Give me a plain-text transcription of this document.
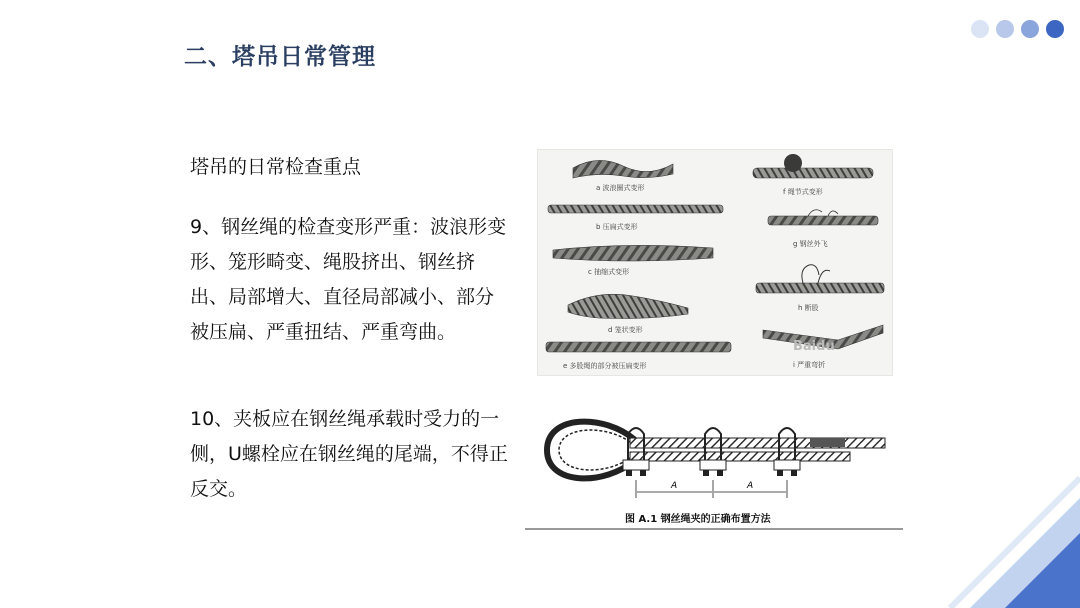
二、塔吊日常管理
塔吊的日常检查重点
9、钢丝绳的检查变形严重：波浪形变形、笼形畸变、绳股挤出、钢丝挤出、局部增大、直径局部减小、部分被压扁、严重扭结、严重弯曲。
10、夹板应在钢丝绳承载时受力的一侧，U螺栓应在钢丝绳的尾端，不得正反交。
a 波浪圈式变形
b 压扁式变形
c 抽缩式变形
d 笼状变形
e 多股绳的部分被压扁变形
f 绳节式变形
g 钢丝外飞
h 断股
Baidu
i 严重弯折
A	A
图 A.1 钢丝绳夹的正确布置方法
